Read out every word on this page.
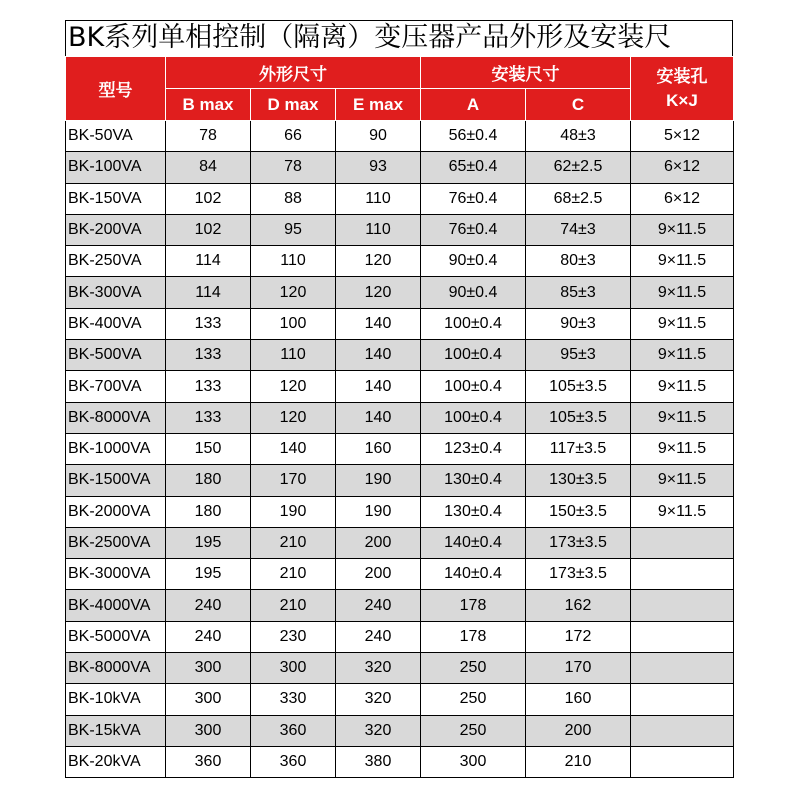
BK系列单相控制（隔离）变压器产品外形及安装尺
型号	外形尺寸			安装尺寸		安装孔
K×J

	B max	D max	E max	A	C	
BK-50VA	78	66	90	56±0.4	48±3	5×12
BK-100VA	84	78	93	65±0.4	62±2.5	6×12
BK-150VA	102	88	110	76±0.4	68±2.5	6×12
BK-200VA	102	95	110	76±0.4	74±3	9×11.5
BK-250VA	114	110	120	90±0.4	80±3	9×11.5
BK-300VA	114	120	120	90±0.4	85±3	9×11.5
BK-400VA	133	100	140	100±0.4	90±3	9×11.5
BK-500VA	133	110	140	100±0.4	95±3	9×11.5
BK-700VA	133	120	140	100±0.4	105±3.5	9×11.5
BK-8000VA	133	120	140	100±0.4	105±3.5	9×11.5
BK-1000VA	150	140	160	123±0.4	117±3.5	9×11.5
BK-1500VA	180	170	190	130±0.4	130±3.5	9×11.5
BK-2000VA	180	190	190	130±0.4	150±3.5	9×11.5
BK-2500VA	195	210	200	140±0.4	173±3.5	
BK-3000VA	195	210	200	140±0.4	173±3.5	
BK-4000VA	240	210	240	178	162	
BK-5000VA	240	230	240	178	172	
BK-8000VA	300	300	320	250	170	
BK-10kVA	300	330	320	250	160	
BK-15kVA	300	360	320	250	200	
BK-20kVA	360	360	380	300	210	
